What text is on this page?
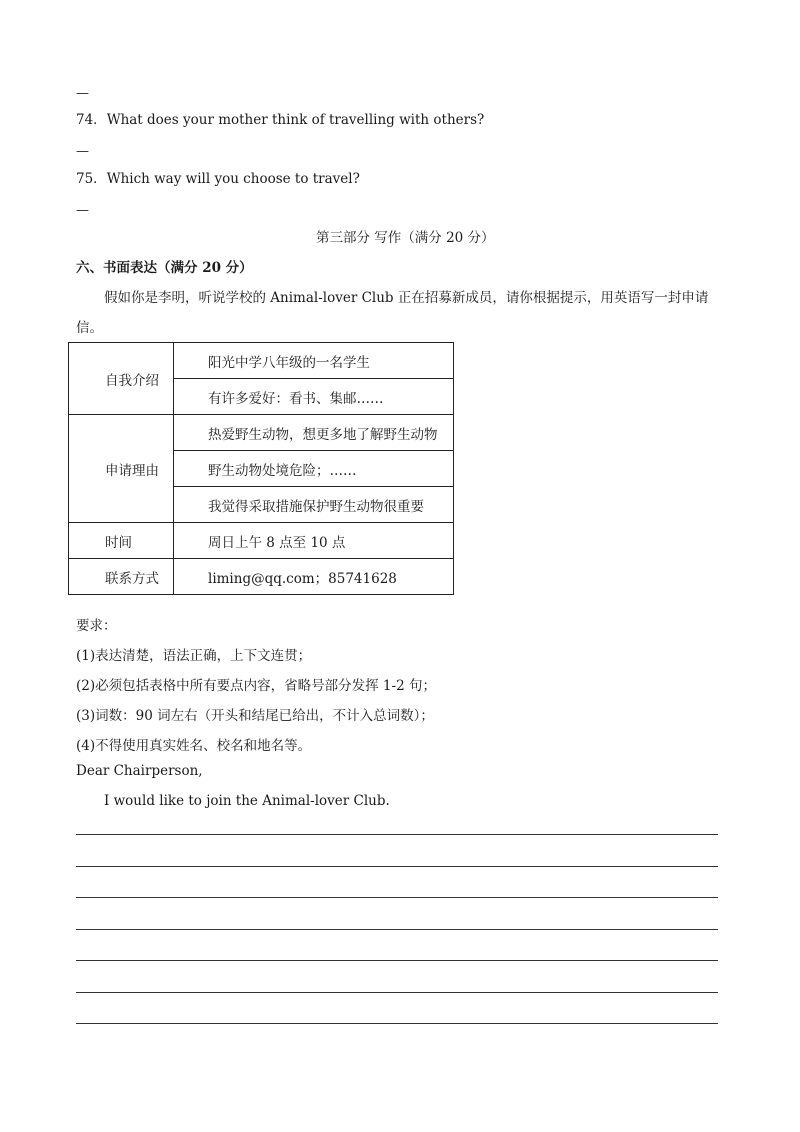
—
74．What does your mother think of travelling with others?
—
75．Which way will you choose to travel?
—
第三部分 写作（满分 20 分）
六、书面表达（满分 20 分）
假如你是李明，听说学校的 Animal-lover Club 正在招募新成员，请你根据提示，用英语写一封申请
信。
自我介绍	阳光中学八年级的一名学生
	有许多爱好：看书、集邮……
申请理由	热爱野生动物，想更多地了解野生动物
	野生动物处境危险；……
	我觉得采取措施保护野生动物很重要
时间	周日上午 8 点至 10 点
联系方式	liming@qq.com；85741628
要求：
(1)表达清楚，语法正确，上下文连贯；
(2)必须包括表格中所有要点内容，省略号部分发挥 1-2 句；
(3)词数：90 词左右（开头和结尾已给出，不计入总词数）；
(4)不得使用真实姓名、校名和地名等。
Dear Chairperson,
I would like to join the Animal-lover Club.
